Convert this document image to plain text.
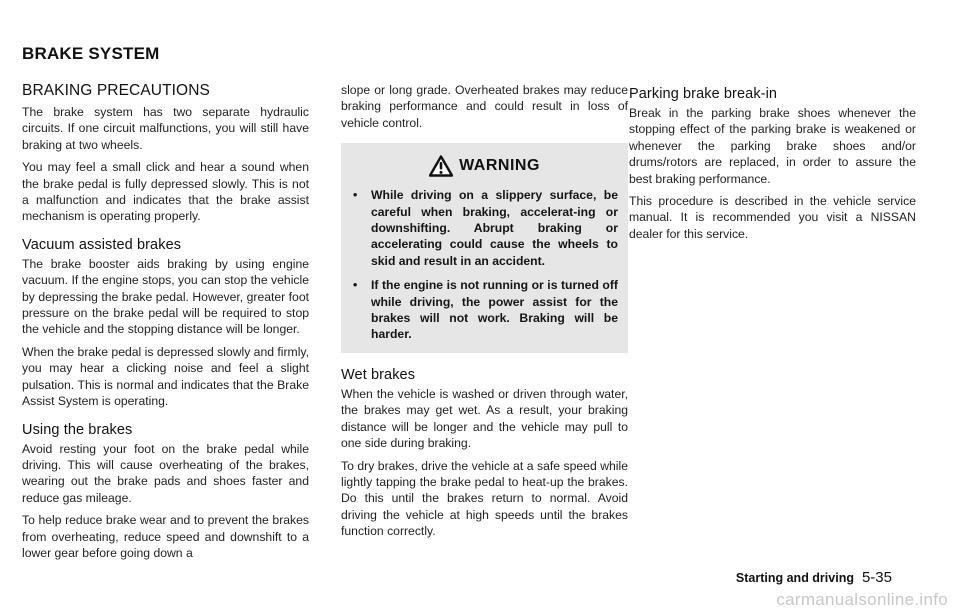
BRAKE SYSTEM
BRAKING PRECAUTIONS

The brake system has two separate hydraulic circuits. If one circuit malfunctions, you will still have braking at two wheels.

You may feel a small click and hear a sound when the brake pedal is fully depressed slowly. This is not a malfunction and indicates that the brake assist mechanism is operating properly.

Vacuum assisted brakes

The brake booster aids braking by using engine vacuum. If the engine stops, you can stop the vehicle by depressing the brake pedal. However, greater foot pressure on the brake pedal will be required to stop the vehicle and the stopping distance will be longer.

When the brake pedal is depressed slowly and firmly, you may hear a clicking noise and feel a slight pulsation. This is normal and indicates that the Brake Assist System is operating.

Using the brakes

Avoid resting your foot on the brake pedal while driving. This will cause overheating of the brakes, wearing out the brake pads and shoes faster and reduce gas mileage.

To help reduce brake wear and to prevent the brakes from overheating, reduce speed and downshift to a lower gear before going down a

slope or long grade. Overheated brakes may reduce braking performance and could result in loss of vehicle control.

WARNING
• While driving on a slippery surface, be careful when braking, accelerat-ing or downshifting. Abrupt braking or accelerating could cause the wheels to skid and result in an accident.
• If the engine is not running or is turned off while driving, the power assist for the brakes will not work. Braking will be harder.
Wet brakes

When the vehicle is washed or driven through water, the brakes may get wet. As a result, your braking distance will be longer and the vehicle may pull to one side during braking.

To dry brakes, drive the vehicle at a safe speed while lightly tapping the brake pedal to heat-up the brakes. Do this until the brakes return to normal. Avoid driving the vehicle at high speeds until the brakes function correctly.

Parking brake break-in

Break in the parking brake shoes whenever the stopping effect of the parking brake is weakened or whenever the parking brake shoes and/or drums/rotors are replaced, in order to assure the best braking performance.

This procedure is described in the vehicle service manual. It is recommended you visit a NISSAN dealer for this service.

Starting and driving 5-35
carmanualsonline.info
